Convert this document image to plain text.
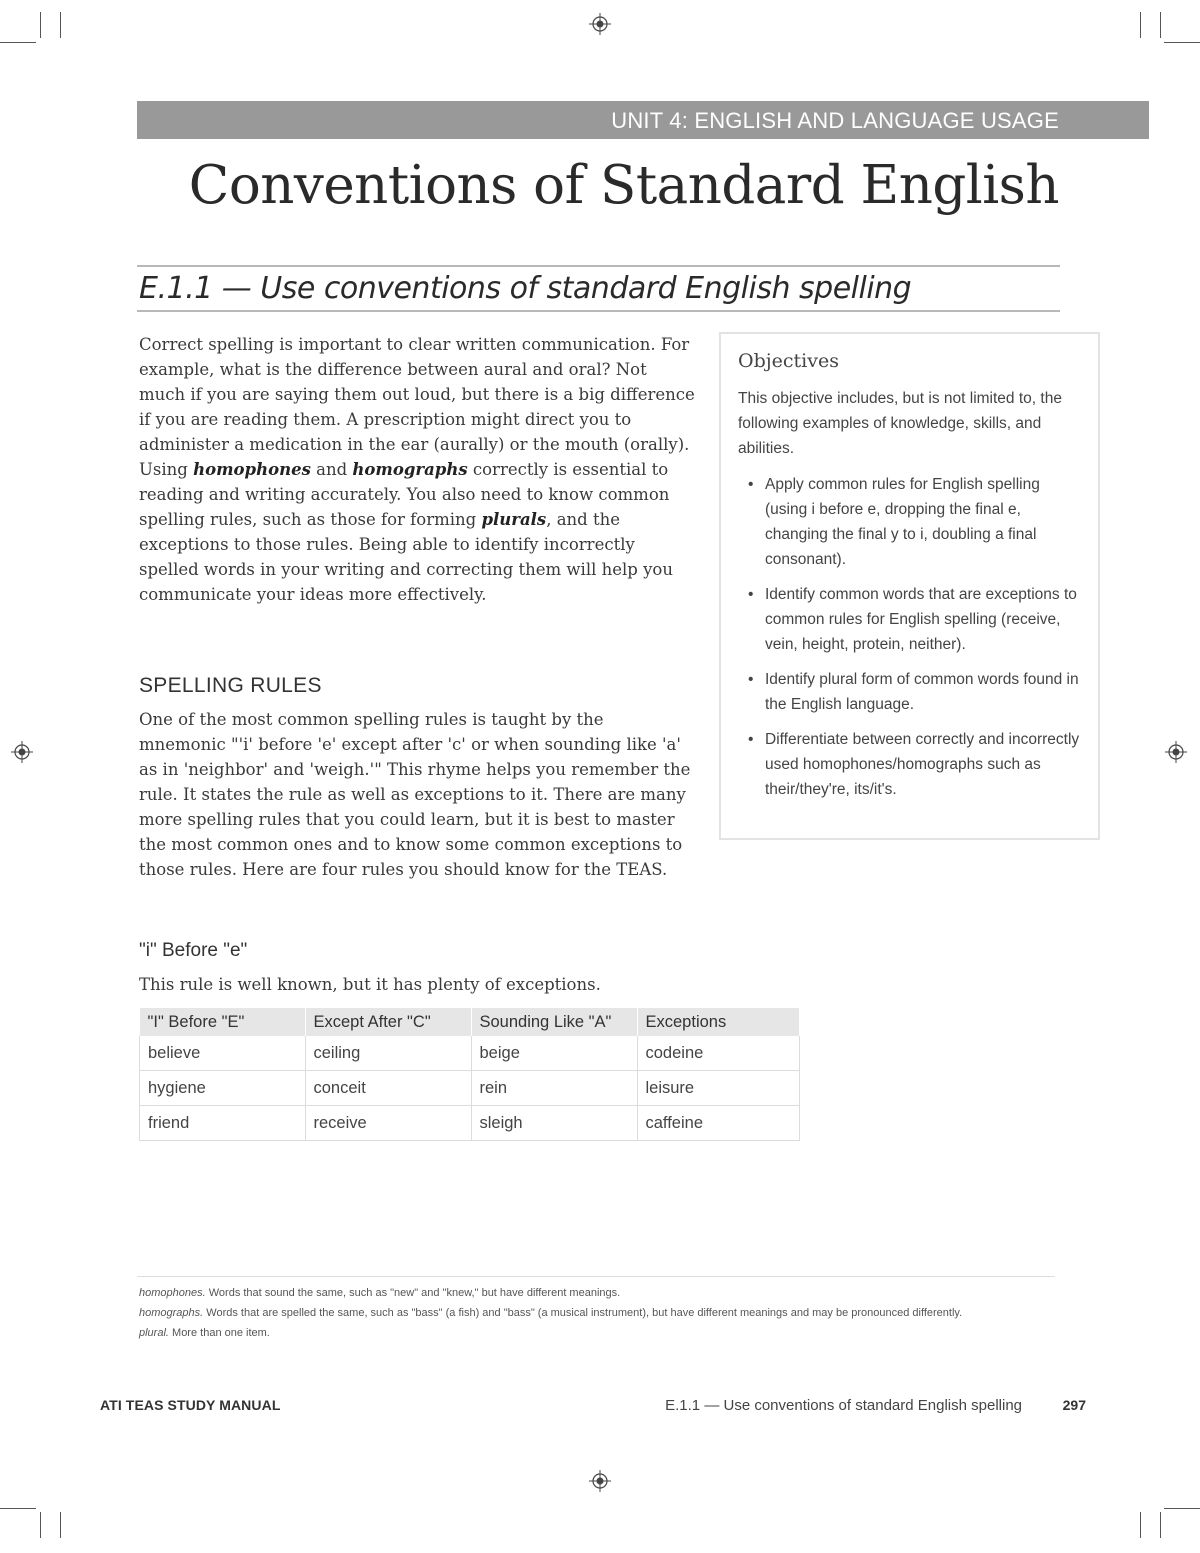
UNIT 4: ENGLISH AND LANGUAGE USAGE
Conventions of Standard English
E.1.1 — Use conventions of standard English spelling

Correct spelling is important to clear written communication. For example, what is the difference between aural and oral? Not much if you are saying them out loud, but there is a big difference if you are reading them. A prescription might direct you to administer a medication in the ear (aurally) or the mouth (orally). Using homophones and homographs correctly is essential to reading and writing accurately. You also need to know common spelling rules, such as those for forming plurals, and the exceptions to those rules. Being able to identify incorrectly spelled words in your writing and correcting them will help you communicate your ideas more effectively.

SPELLING RULES

One of the most common spelling rules is taught by the mnemonic "'i' before 'e' except after 'c' or when sounding like 'a' as in 'neighbor' and 'weigh.'" This rhyme helps you remember the rule. It states the rule as well as exceptions to it. There are many more spelling rules that you could learn, but it is best to master the most common ones and to know some common exceptions to those rules. Here are four rules you should know for the TEAS.

"i" Before "e"

This rule is well known, but it has plenty of exceptions.

"I" Before "E"	Except After "C"	Sounding Like "A"	Exceptions
believe	ceiling	beige	codeine
hygiene	conceit	rein	leisure
friend	receive	sleigh	caffeine
Objectives

This objective includes, but is not limited to, the following examples of knowledge, skills, and abilities.

• Apply common rules for English spelling (using i before e, dropping the final e, changing the final y to i, doubling a final consonant).
• Identify common words that are exceptions to common rules for English spelling (receive, vein, height, protein, neither).
• Identify plural form of common words found in the English language.
• Differentiate between correctly and incorrectly used homophones/homographs such as their/they're, its/it's.
homophones. Words that sound the same, such as "new" and "knew," but have different meanings.
homographs. Words that are spelled the same, such as "bass" (a fish) and "bass" (a musical instrument), but have different meanings and may be pronounced differently.
plural. More than one item.
ATI TEAS STUDY MANUAL	E.1.1 — Use conventions of standard English spelling	297
